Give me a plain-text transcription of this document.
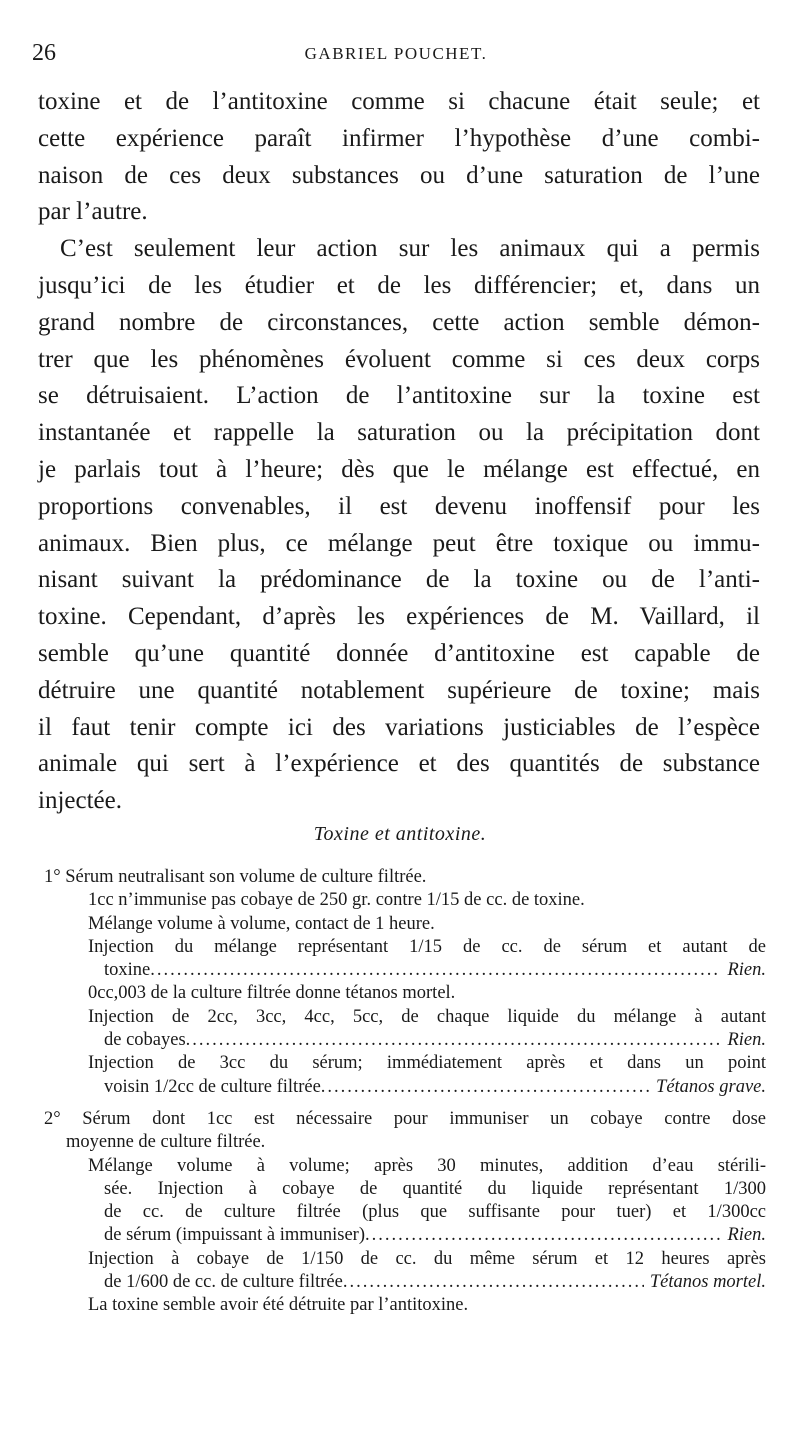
26	GABRIEL POUCHET.
toxine et de l’antitoxine comme si chacune était seule; et
cette expérience paraît infirmer l’hypothèse d’une combi-
naison de ces deux substances ou d’une saturation de l’une
par l’autre.
C’est seulement leur action sur les animaux qui a permis
jusqu’ici de les étudier et de les différencier; et, dans un
grand nombre de circonstances, cette action semble démon-
trer que les phénomènes évoluent comme si ces deux corps
se détruisaient. L’action de l’antitoxine sur la toxine est
instantanée et rappelle la saturation ou la précipitation dont
je parlais tout à l’heure; dès que le mélange est effectué, en
proportions convenables, il est devenu inoffensif pour les
animaux. Bien plus, ce mélange peut être toxique ou immu-
nisant suivant la prédominance de la toxine ou de l’anti-
toxine. Cependant, d’après les expériences de M. Vaillard, il
semble qu’une quantité donnée d’antitoxine est capable de
détruire une quantité notablement supérieure de toxine; mais
il faut tenir compte ici des variations justiciables de l’espèce
animale qui sert à l’expérience et des quantités de substance
injectée.
Toxine et antitoxine.
1° Sérum neutralisant son volume de culture filtrée.
1cc n’immunise pas cobaye de 250 gr. contre 1/15 de cc. de toxine.
Mélange volume à volume, contact de 1 heure.
Injection du mélange représentant 1/15 de cc. de sérum et autant de
toxine .....	Rien.
0cc,003 de la culture filtrée donne tétanos mortel.
Injection de 2cc, 3cc, 4cc, 5cc, de chaque liquide du mélange à autant
de cobayes .....	Rien.
Injection de 3cc du sérum; immédiatement après et dans un point
voisin 1/2cc de culture filtrée .....	Tétanos grave.
2° Sérum dont 1cc est nécessaire pour immuniser un cobaye contre dose
moyenne de culture filtrée.
Mélange volume à volume; après 30 minutes, addition d’eau stérili-
sée. Injection à cobaye de quantité du liquide représentant 1/300
de cc. de culture filtrée (plus que suffisante pour tuer) et 1/300cc
de sérum (impuissant à immuniser) .....	Rien.
Injection à cobaye de 1/150 de cc. du même sérum et 12 heures après
de 1/600 de cc. de culture filtrée .....	Tétanos mortel.
La toxine semble avoir été détruite par l’antitoxine.
